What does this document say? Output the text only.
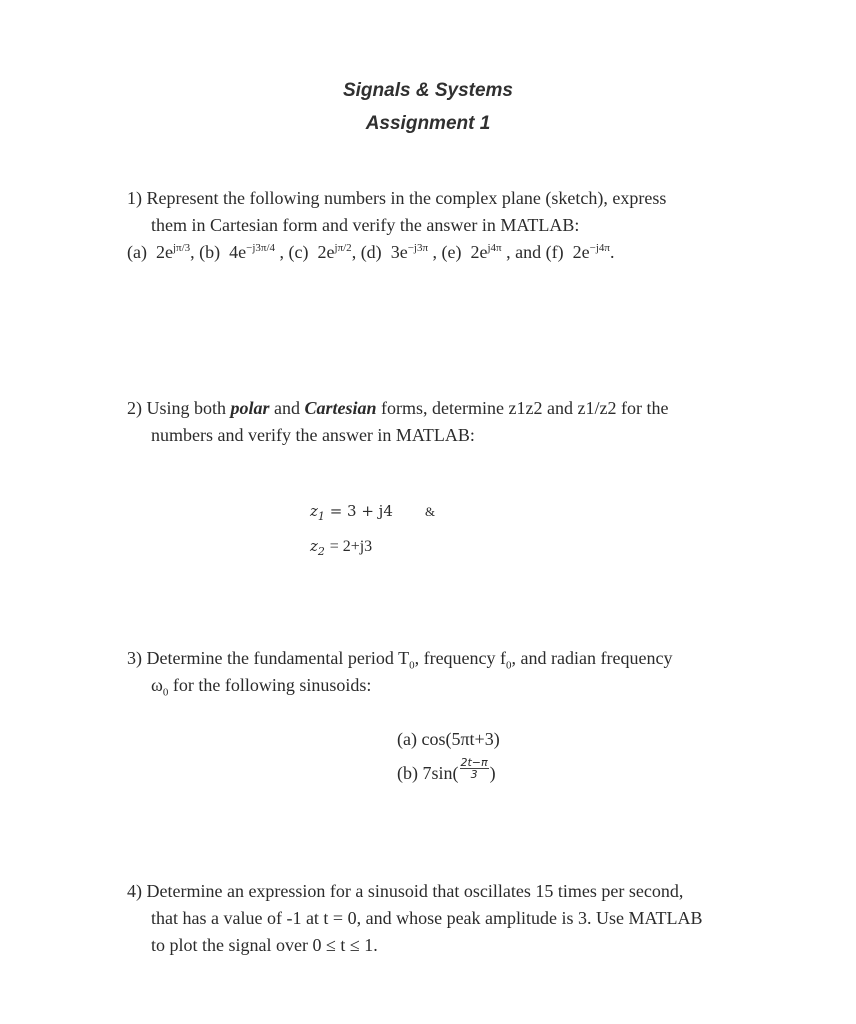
Signals & Systems
Assignment 1
1) Represent the following numbers in the complex plane (sketch), express
them in Cartesian form and verify the answer in MATLAB:
(a) $2e^{j\pi/3}$, (b) $4e^{-j3\pi/4}$ , (c) $2e^{j\pi/2}$, (d) $3e^{-j3\pi}$ , (e) $2e^{j4\pi}$ , and (f) $2e^{-j4\pi}$.
2) Using both polar and Cartesian forms, determine z1z2 and z1/z2 for the
numbers and verify the answer in MATLAB:
$z_1 = 3 + j4$ &
$z_2 = 2+j3$
3) Determine the fundamental period $T_0$, frequency $f_0$, and radian frequency
$\omega_0$ for the following sinusoids:
(a) cos(5πt+3)
(b) $7\sin( \frac{2t-\pi}{3}$ )
4) Determine an expression for a sinusoid that oscillates 15 times per second,
that has a value of -1 at t = 0, and whose peak amplitude is 3. Use MATLAB
to plot the signal over 0 ≤ t ≤ 1.
